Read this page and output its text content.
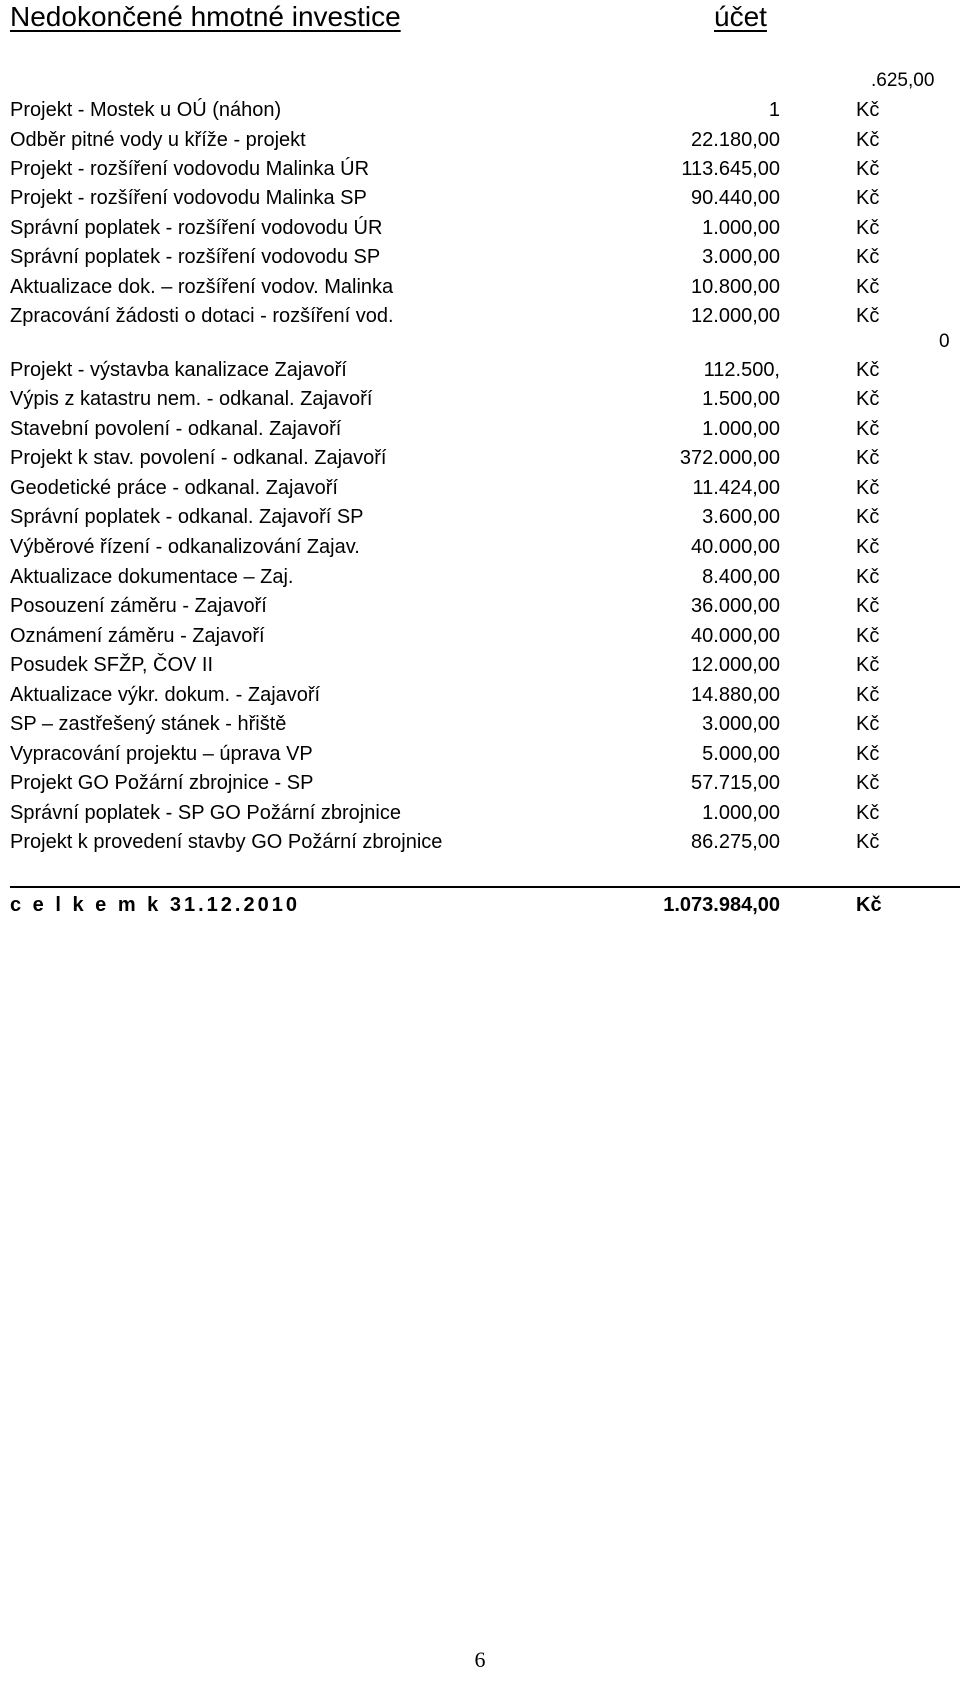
Nedokončené hmotné investice	účet
.625,00
0
Projekt - Mostek u OÚ (náhon)	1	Kč
Odběr pitné vody u kříže - projekt	22.180,00	Kč
Projekt - rozšíření vodovodu Malinka ÚR	113.645,00	Kč
Projekt - rozšíření vodovodu Malinka SP	90.440,00	Kč
Správní poplatek - rozšíření vodovodu ÚR	1.000,00	Kč
Správní poplatek - rozšíření vodovodu SP	3.000,00	Kč
Aktualizace dok. – rozšíření vodov. Malinka	10.800,00	Kč
Zpracování žádosti o dotaci - rozšíření vod.	12.000,00	Kč
Projekt - výstavba kanalizace Zajavoří	112.500,	Kč
Výpis z katastru nem. - odkanal. Zajavoří	1.500,00	Kč
Stavební povolení - odkanal. Zajavoří	1.000,00	Kč
Projekt k stav. povolení - odkanal. Zajavoří	372.000,00	Kč
Geodetické práce - odkanal. Zajavoří	11.424,00	Kč
Správní poplatek - odkanal. Zajavoří SP	3.600,00	Kč
Výběrové řízení - odkanalizování Zajav.	40.000,00	Kč
Aktualizace dokumentace – Zaj.	8.400,00	Kč
Posouzení záměru - Zajavoří	36.000,00	Kč
Oznámení záměru - Zajavoří	40.000,00	Kč
Posudek SFŽP, ČOV II	12.000,00	Kč
Aktualizace výkr. dokum. - Zajavoří	14.880,00	Kč
SP – zastřešený stánek - hřiště	3.000,00	Kč
Vypracování projektu – úprava VP	5.000,00	Kč
Projekt GO Požární zbrojnice - SP	57.715,00	Kč
Správní poplatek - SP GO Požární zbrojnice	1.000,00	Kč
Projekt k provedení stavby GO Požární zbrojnice	86.275,00	Kč
c e l k e m k 31.12.2010	1.073.984,00	Kč
6
